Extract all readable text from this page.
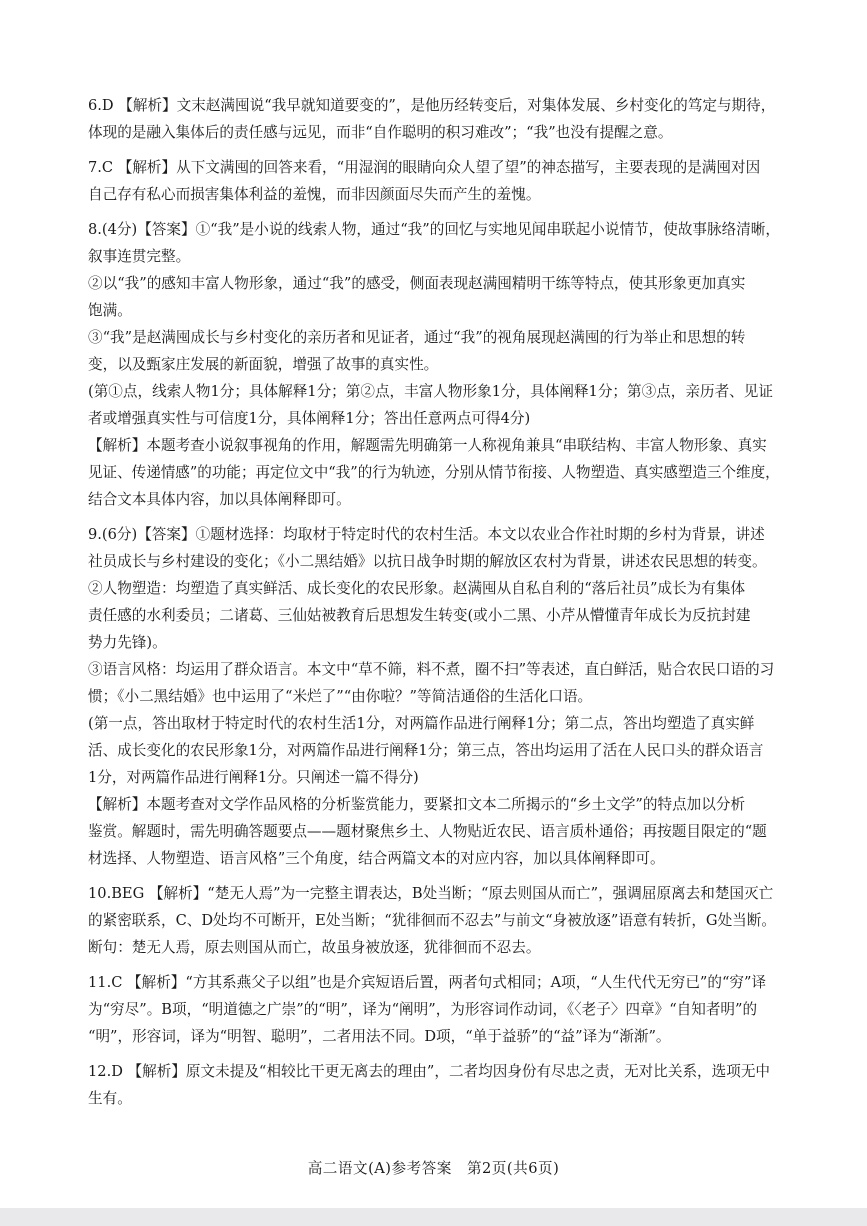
6.D 【解析】文末赵满囤说“我早就知道要变的”，是他历经转变后，对集体发展、乡村变化的笃定与期待，
体现的是融入集体后的责任感与远见，而非“自作聪明的积习难改”；“我”也没有提醒之意。
7.C 【解析】从下文满囤的回答来看，“用湿润的眼睛向众人望了望”的神态描写，主要表现的是满囤对因
自己存有私心而损害集体利益的羞愧，而非因颜面尽失而产生的羞愧。
8.(4分)【答案】①“我”是小说的线索人物，通过“我”的回忆与实地见闻串联起小说情节，使故事脉络清晰，
叙事连贯完整。
②以“我”的感知丰富人物形象，通过“我”的感受，侧面表现赵满囤精明干练等特点，使其形象更加真实
饱满。
③“我”是赵满囤成长与乡村变化的亲历者和见证者，通过“我”的视角展现赵满囤的行为举止和思想的转
变，以及甄家庄发展的新面貌，增强了故事的真实性。
(第①点，线索人物1分；具体解释1分；第②点，丰富人物形象1分，具体阐释1分；第③点，亲历者、见证
者或增强真实性与可信度1分，具体阐释1分；答出任意两点可得4分)
【解析】本题考查小说叙事视角的作用，解题需先明确第一人称视角兼具“串联结构、丰富人物形象、真实
见证、传递情感”的功能；再定位文中“我”的行为轨迹，分别从情节衔接、人物塑造、真实感塑造三个维度，
结合文本具体内容，加以具体阐释即可。
9.(6分)【答案】①题材选择：均取材于特定时代的农村生活。本文以农业合作社时期的乡村为背景，讲述
社员成长与乡村建设的变化；《小二黑结婚》以抗日战争时期的解放区农村为背景，讲述农民思想的转变。
②人物塑造：均塑造了真实鲜活、成长变化的农民形象。赵满囤从自私自利的“落后社员”成长为有集体
责任感的水利委员；二诸葛、三仙姑被教育后思想发生转变(或小二黑、小芹从懵懂青年成长为反抗封建
势力先锋)。
③语言风格：均运用了群众语言。本文中“草不筛，料不煮，圈不扫”等表述，直白鲜活，贴合农民口语的习
惯；《小二黑结婚》也中运用了“米烂了”“由你啦？”等简洁通俗的生活化口语。
(第一点，答出取材于特定时代的农村生活1分，对两篇作品进行阐释1分；第二点，答出均塑造了真实鲜
活、成长变化的农民形象1分，对两篇作品进行阐释1分；第三点，答出均运用了活在人民口头的群众语言
1分，对两篇作品进行阐释1分。只阐述一篇不得分)
【解析】本题考查对文学作品风格的分析鉴赏能力，要紧扣文本二所揭示的“乡土文学”的特点加以分析
鉴赏。解题时，需先明确答题要点——题材聚焦乡土、人物贴近农民、语言质朴通俗；再按题目限定的“题
材选择、人物塑造、语言风格”三个角度，结合两篇文本的对应内容，加以具体阐释即可。
10.BEG 【解析】“楚无人焉”为一完整主谓表达，B处当断；“原去则国从而亡”，强调屈原离去和楚国灭亡
的紧密联系，C、D处均不可断开，E处当断；“犹徘徊而不忍去”与前文“身被放逐”语意有转折，G处当断。
断句：楚无人焉，原去则国从而亡，故虽身被放逐，犹徘徊而不忍去。
11.C 【解析】“方其系燕父子以组”也是介宾短语后置，两者句式相同；A项，“人生代代无穷已”的“穷”译
为“穷尽”。B项，“明道德之广崇”的“明”，译为“阐明”，为形容词作动词，《〈老子〉四章》“自知者明”的
“明”，形容词，译为“明智、聪明”，二者用法不同。D项，“单于益骄”的“益”译为“渐渐”。
12.D 【解析】原文未提及“相较比干更无离去的理由”，二者均因身份有尽忠之责，无对比关系，选项无中
生有。
高二语文(A)参考答案　第2页(共6页)
